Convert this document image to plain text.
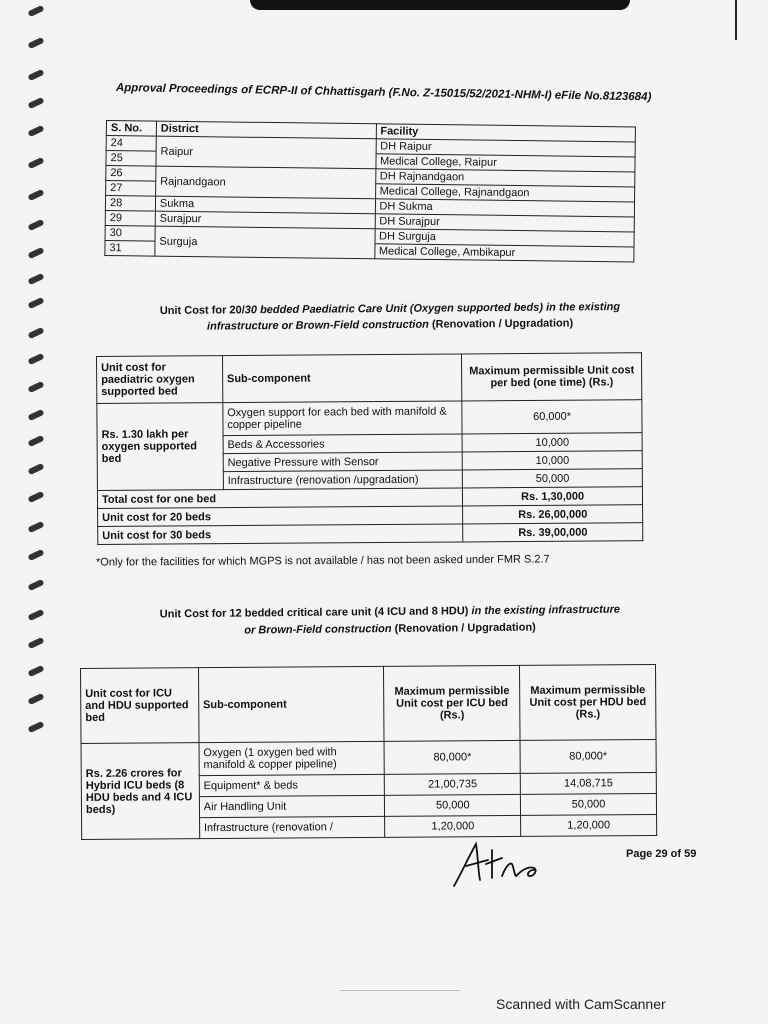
Approval Proceedings of ECRP-II of Chhattisgarh (F.No. Z-15015/52/2021-NHM-I) eFile No.8123684)
S. No.	District	Facility
24	Raipur	DH Raipur
25		Medical College, Raipur
26	Rajnandgaon	DH Rajnandgaon
27		Medical College, Rajnandgaon
28	Sukma	DH Sukma
29	Surajpur	DH Surajpur
30	Surguja	DH Surguja
31		Medical College, Ambikapur
Unit Cost for 20/30 bedded Paediatric Care Unit (Oxygen supported beds) in the existing
infrastructure or Brown-Field construction (Renovation / Upgradation)
Unit cost for paediatric oxygen supported bed	Sub-component	Maximum permissible Unit cost per bed (one time) (Rs.)
Rs. 1.30 lakh per oxygen supported bed	Oxygen support for each bed with manifold & copper pipeline	60,000*
	Beds & Accessories	10,000
	Negative Pressure with Sensor	10,000
	Infrastructure (renovation /upgradation)	50,000
Total cost for one bed		Rs. 1,30,000
Unit cost for 20 beds		Rs. 26,00,000
Unit cost for 30 beds		Rs. 39,00,000
*Only for the facilities for which MGPS is not available / has not been asked under FMR S.2.7
Unit Cost for 12 bedded critical care unit (4 ICU and 8 HDU) in the existing infrastructure
or Brown-Field construction (Renovation / Upgradation)
Unit cost for ICU and HDU supported bed	Sub-component	Maximum permissible Unit cost per ICU bed (Rs.)	Maximum permissible Unit cost per HDU bed (Rs.)
Rs. 2.26 crores for Hybrid ICU beds (8 HDU beds and 4 ICU beds)	Oxygen (1 oxygen bed with manifold & copper pipeline)	80,000*	80,000*
	Equipment* & beds	21,00,735	14,08,715
	Air Handling Unit	50,000	50,000
	Infrastructure (renovation /	1,20,000	1,20,000
Page 29 of 59
Scanned with CamScanner
